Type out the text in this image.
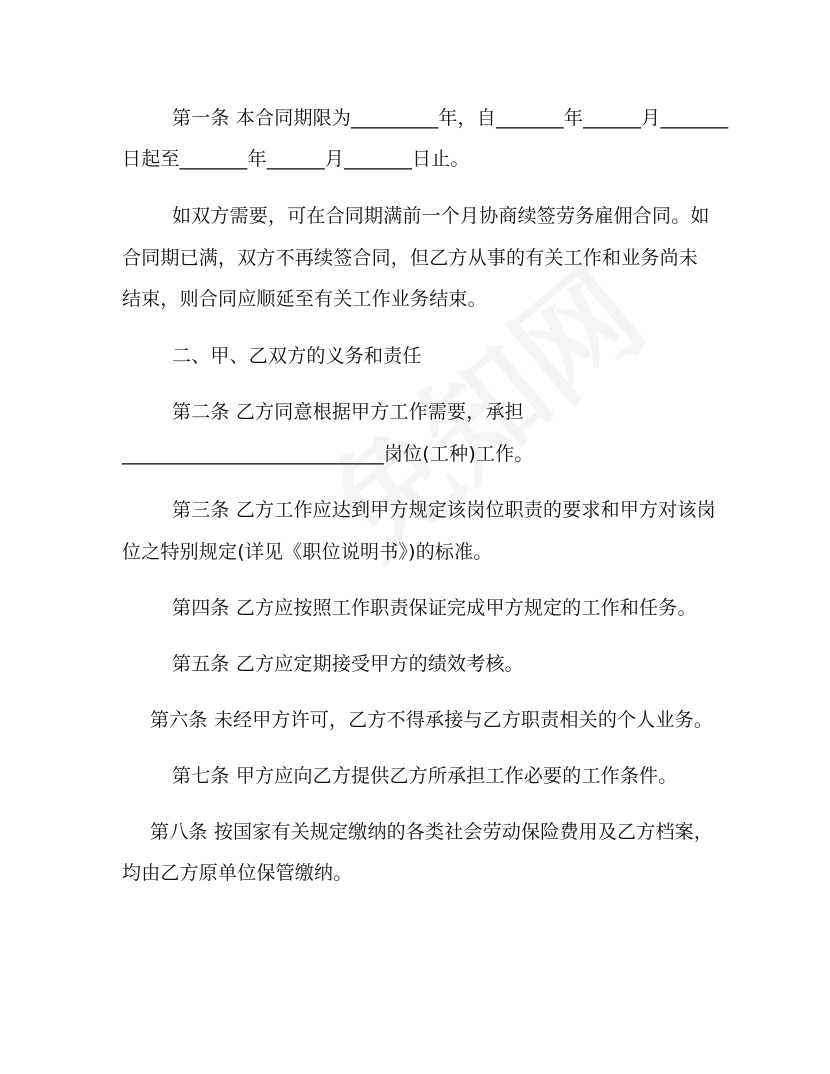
第一条 本合同期限为_________年，自_______年______月_______
日起至_______年______月_______日止。
如双方需要，可在合同期满前一个月协商续签劳务雇佣合同。如
合同期已满，双方不再续签合同，但乙方从事的有关工作和业务尚未
结束，则合同应顺延至有关工作业务结束。
二、甲、乙双方的义务和责任
第二条 乙方同意根据甲方工作需要，承担
___________________________岗位(工种)工作。
第三条 乙方工作应达到甲方规定该岗位职责的要求和甲方对该岗
位之特别规定(详见《职位说明书》)的标准。
第四条 乙方应按照工作职责保证完成甲方规定的工作和任务。
第五条 乙方应定期接受甲方的绩效考核。
第六条 未经甲方许可，乙方不得承接与乙方职责相关的个人业务。
第七条 甲方应向乙方提供乙方所承担工作必要的工作条件。
第八条 按国家有关规定缴纳的各类社会劳动保险费用及乙方档案，
均由乙方原单位保管缴纳。
